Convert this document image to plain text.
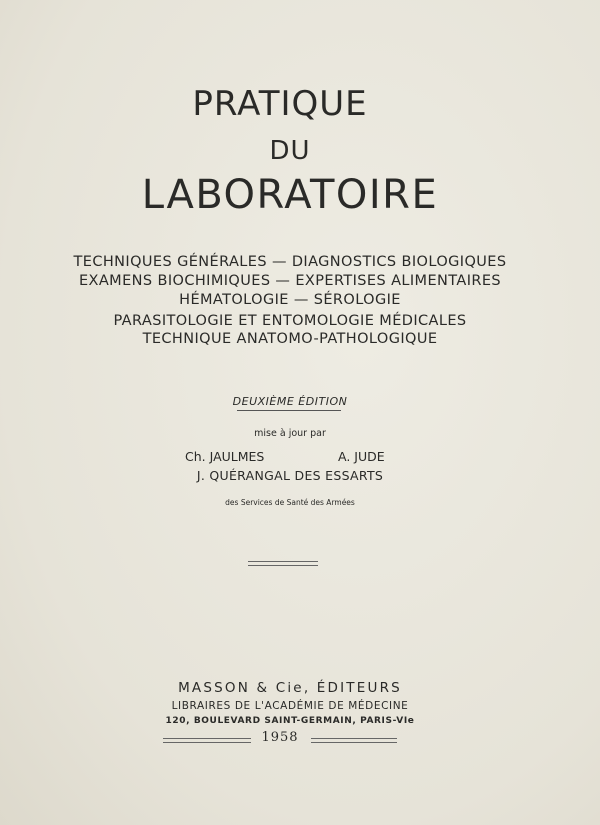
PRATIQUE
DU
LABORATOIRE
TECHNIQUES GÉNÉRALES — DIAGNOSTICS BIOLOGIQUES
EXAMENS BIOCHIMIQUES — EXPERTISES ALIMENTAIRES
HÉMATOLOGIE — SÉROLOGIE
PARASITOLOGIE ET ENTOMOLOGIE MÉDICALES
TECHNIQUE ANATOMO-PATHOLOGIQUE
DEUXIÈME ÉDITION
mise à jour par
Ch. JAULMES	A. JUDE
J. QUÉRANGAL DES ESSARTS
des Services de Santé des Armées
MASSON & Cie, ÉDITEURS
LIBRAIRES DE L'ACADÉMIE DE MÉDECINE
120, BOULEVARD SAINT-GERMAIN, PARIS-VIe
1958
